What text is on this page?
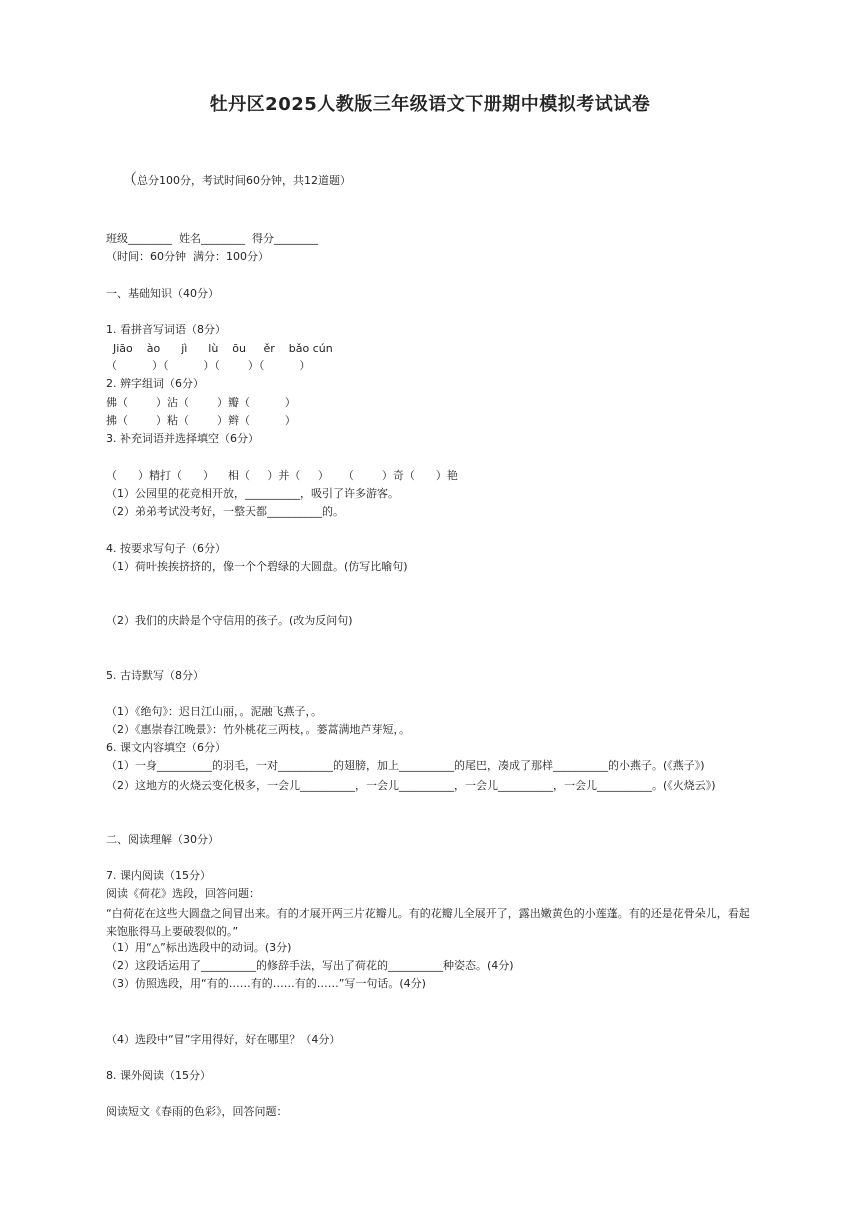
牡丹区2025人教版三年级语文下册期中模拟考试试卷
（总分100分，考试时间60分钟，共12道题）
班级________  姓名________  得分________
（时间：60分钟  满分：100分）
一、基础知识（40分）
1. 看拼音写词语（8分）
Jiāo    ào      jì      lù    ōu     ěr    bǎo cún
（          ）（          ）（        ）（          ）
2. 辨字组词（6分）
佛（        ）沾（        ）瓣（          ）
拂（        ）粘（        ）辫（          ）
3. 补充词语并选择填空（6分）
（      ）精打（      ）    相（     ）并（     ）    （        ）奇（      ）艳
（1）公园里的花竞相开放，__________，吸引了许多游客。
（2）弟弟考试没考好，一整天都__________的。
4. 按要求写句子（6分）
（1）荷叶挨挨挤挤的，像一个个碧绿的大圆盘。(仿写比喻句)
（2）我们的庆龄是个守信用的孩子。(改为反问句)
5. 古诗默写（8分）
（1）《绝句》：迟日江山丽，。泥融飞燕子，。
（2）《惠崇春江晚景》：竹外桃花三两枝，。蒌蒿满地芦芽短，。
6. 课文内容填空（6分）
（1）一身__________的羽毛，一对__________的翅膀，加上__________的尾巴，凑成了那样__________的小燕子。(《燕子》)
二、阅读理解（30分）
7. 课内阅读（15分）
阅读《荷花》选段，回答问题：
（1）用“△”标出选段中的动词。(3分)
（2）这段话运用了__________的修辞手法，写出了荷花的__________种姿态。(4分)
（3）仿照选段，用“有的……有的……有的……”写一句话。(4分)
（4）选段中“冒”字用得好，好在哪里？（4分）
8. 课外阅读（15分）
阅读短文《春雨的色彩》，回答问题：
（2）这地方的火烧云变化极多，一会儿__________，一会儿__________，一会儿__________，一会儿__________。(《火烧云》)
“白荷花在这些大圆盘之间冒出来。有的才展开两三片花瓣儿。有的花瓣儿全展开了，露出嫩黄色的小莲蓬。有的还是花骨朵儿，看起来饱胀得马上要破裂似的。”
